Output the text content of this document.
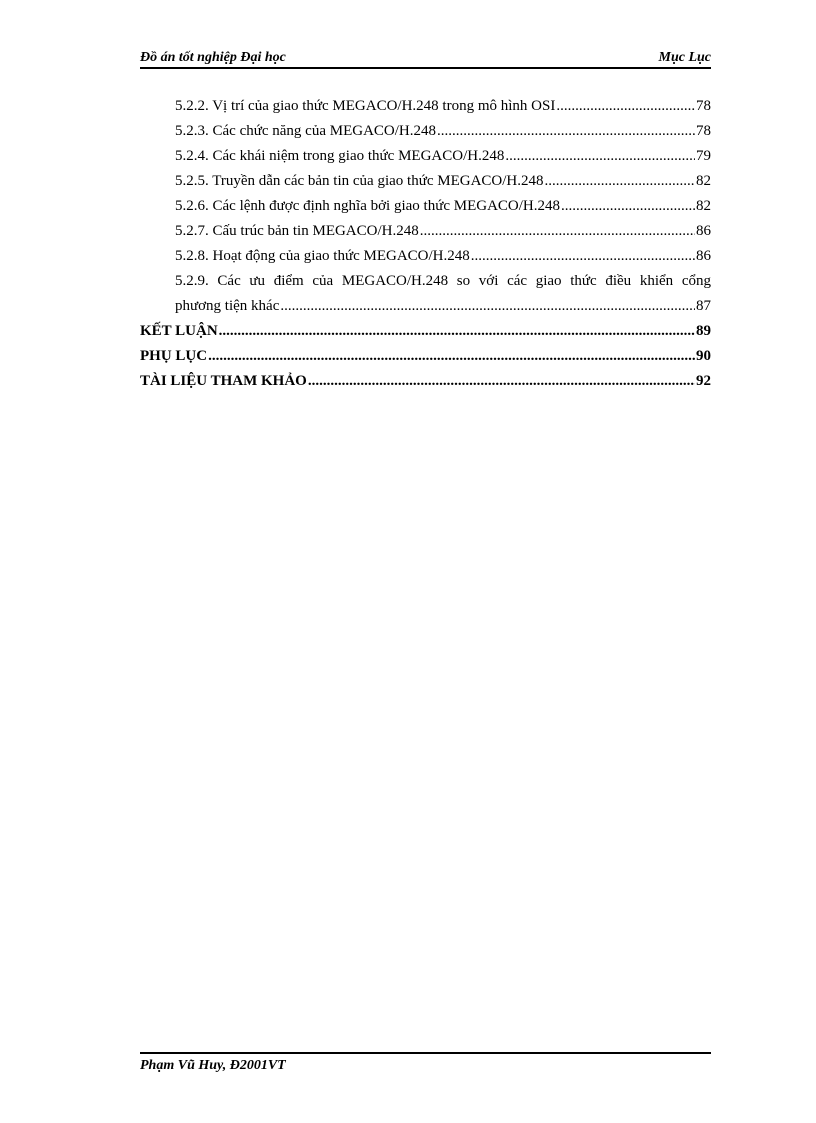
Đồ án tốt nghiệp Đại học	Mục Lục
5.2.2. Vị trí của giao thức MEGACO/H.248 trong mô hình OSI .....	78
5.2.3. Các chức năng của MEGACO/H.248 .....	78
5.2.4. Các khái niệm trong giao thức MEGACO/H.248 .....	79
5.2.5. Truyền dẫn các bản tin của giao thức MEGACO/H.248 .....	82
5.2.6. Các lệnh được định nghĩa bởi giao thức MEGACO/H.248 .....	82
5.2.7. Cấu trúc bản tin MEGACO/H.248 .....	86
5.2.8. Hoạt động của giao thức MEGACO/H.248 .....	86
5.2.9. Các ưu điểm của MEGACO/H.248 so với các giao thức điều khiển cổng
phương tiện khác .....	87
KẾT LUẬN .....	89
PHỤ LỤC .....	90
TÀI LIỆU THAM KHẢO .....	92
Phạm Vũ Huy, Đ2001VT
